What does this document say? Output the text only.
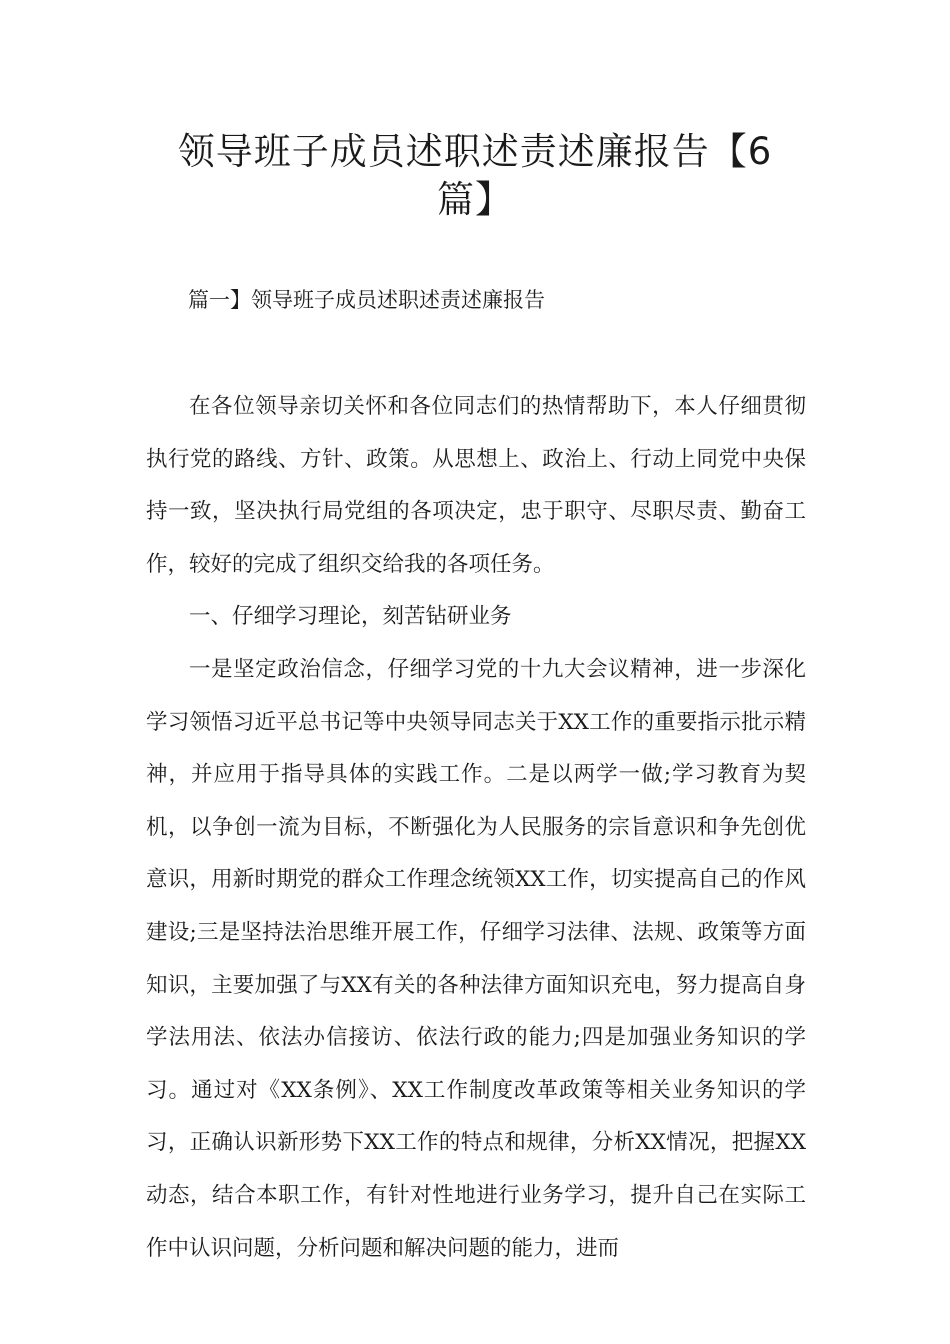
领导班子成员述职述责述廉报告【6篇】
篇一】领导班子成员述职述责述廉报告

在各位领导亲切关怀和各位同志们的热情帮助下，本人仔细贯彻执行党的路线、方针、政策。从思想上、政治上、行动上同党中央保持一致，坚决执行局党组的各项决定，忠于职守、尽职尽责、勤奋工作，较好的完成了组织交给我的各项任务。

一、仔细学习理论，刻苦钻研业务

一是坚定政治信念，仔细学习党的十九大会议精神，进一步深化学习领悟习近平总书记等中央领导同志关于XX工作的重要指示批示精神，并应用于指导具体的实践工作。二是以两学一做;学习教育为契机，以争创一流为目标，不断强化为人民服务的宗旨意识和争先创优意识，用新时期党的群众工作理念统领XX工作，切实提高自己的作风建设;三是坚持法治思维开展工作，仔细学习法律、法规、政策等方面知识，主要加强了与XX有关的各种法律方面知识充电，努力提高自身学法用法、依法办信接访、依法行政的能力;四是加强业务知识的学习。通过对《XX条例》、XX工作制度改革政策等相关业务知识的学习，正确认识新形势下XX工作的特点和规律，分析XX情况，把握XX动态，结合本职工作，有针对性地进行业务学习，提升自己在实际工作中认识问题，分析问题和解决问题的能力，进而
